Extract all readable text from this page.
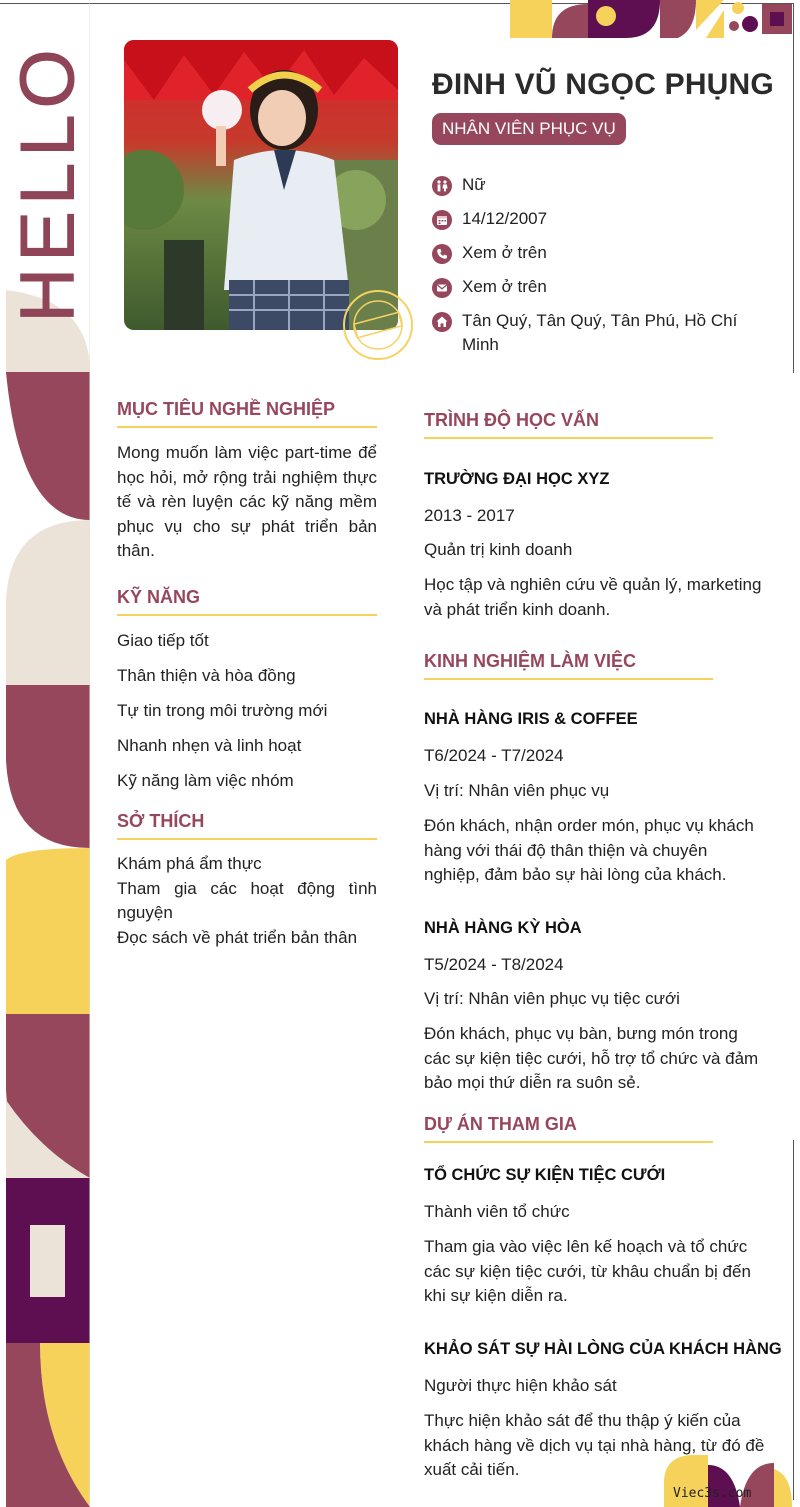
HELLO	ĐINH VŨ NGỌC PHỤNG
NHÂN VIÊN PHỤC VỤ
Nữ
14/12/2007
Xem ở trên
Xem ở trên
Tân Quý, Tân Quý, Tân Phú, Hồ Chí Minh
MỤC TIÊU NGHỀ NGHIỆP
Mong muốn làm việc part-time để học hỏi, mở rộng trải nghiệm thực tế và rèn luyện các kỹ năng mềm phục vụ cho sự phát triển bản thân.
KỸ NĂNG
Giao tiếp tốt
Thân thiện và hòa đồng
Tự tin trong môi trường mới
Nhanh nhẹn và linh hoạt
Kỹ năng làm việc nhóm
SỞ THÍCH
Khám phá ẩm thực
Tham gia các hoạt động tình nguyện
Đọc sách về phát triển bản thân
TRÌNH ĐỘ HỌC VẤN
TRƯỜNG ĐẠI HỌC XYZ
2013 - 2017
Quản trị kinh doanh
Học tập và nghiên cứu về quản lý, marketing và phát triển kinh doanh.
KINH NGHIỆM LÀM VIỆC
NHÀ HÀNG IRIS & COFFEE
T6/2024 - T7/2024
Vị trí: Nhân viên phục vụ
Đón khách, nhận order món, phục vụ khách hàng với thái độ thân thiện và chuyên nghiệp, đảm bảo sự hài lòng của khách.
NHÀ HÀNG KỲ HÒA
T5/2024 - T8/2024
Vị trí: Nhân viên phục vụ tiệc cưới
Đón khách, phục vụ bàn, bưng món trong các sự kiện tiệc cưới, hỗ trợ tổ chức và đảm bảo mọi thứ diễn ra suôn sẻ.
DỰ ÁN THAM GIA
TỔ CHỨC SỰ KIỆN TIỆC CƯỚI
Thành viên tổ chức
Tham gia vào việc lên kế hoạch và tổ chức các sự kiện tiệc cưới, từ khâu chuẩn bị đến khi sự kiện diễn ra.
KHẢO SÁT SỰ HÀI LÒNG CỦA KHÁCH HÀNG
Người thực hiện khảo sát
Thực hiện khảo sát để thu thập ý kiến của khách hàng về dịch vụ tại nhà hàng, từ đó đề xuất cải tiến.
Viec3s.com
